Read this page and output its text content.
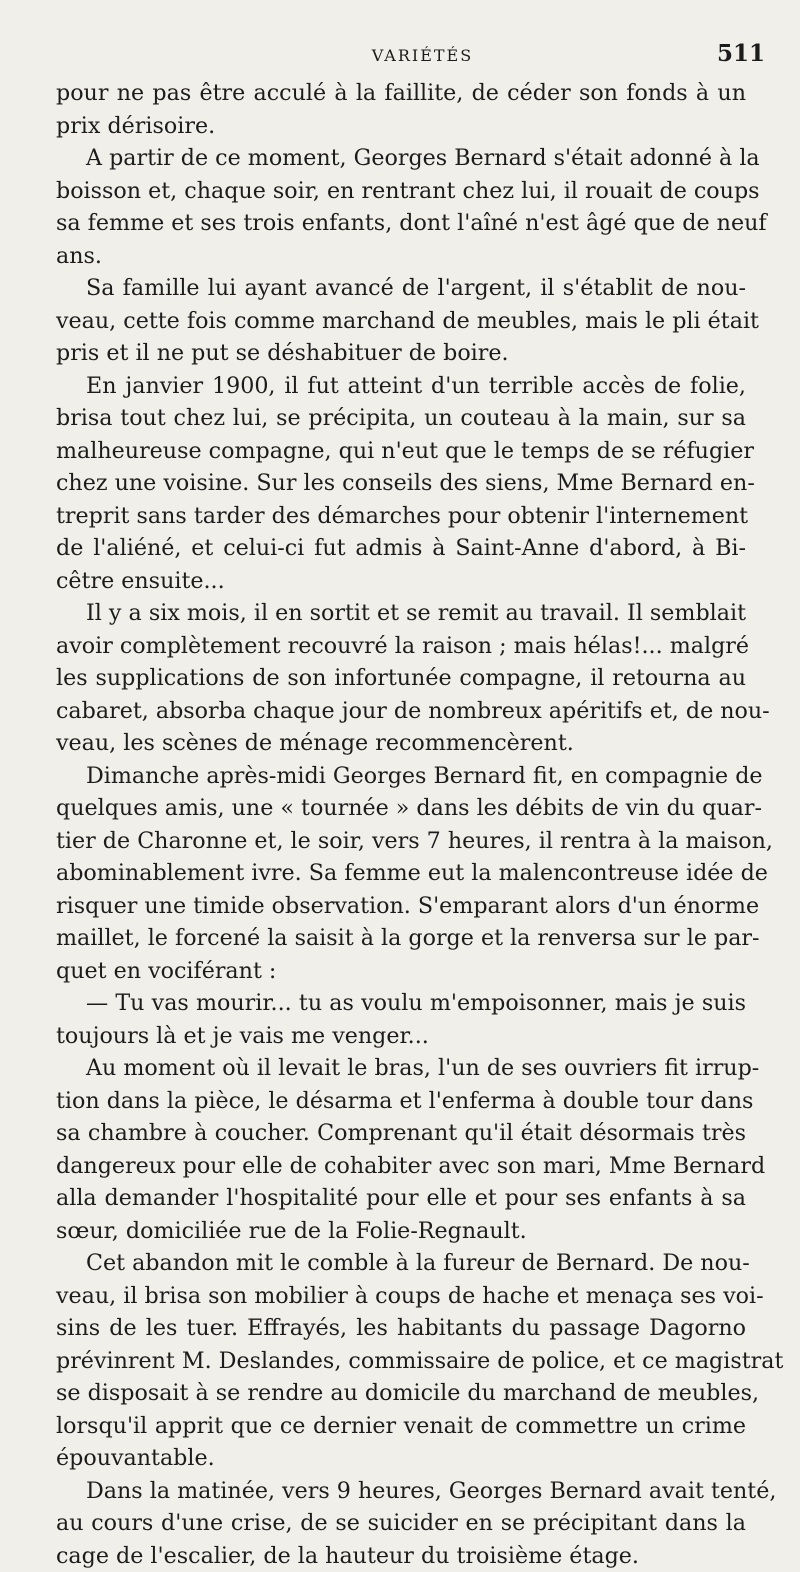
VARIÉTÉS	511
pour ne pas être acculé à la faillite, de céder son fonds à un
prix dérisoire.
A partir de ce moment, Georges Bernard s'était adonné à la
boisson et, chaque soir, en rentrant chez lui, il rouait de coups
sa femme et ses trois enfants, dont l'aîné n'est âgé que de neuf
ans.
Sa famille lui ayant avancé de l'argent, il s'établit de nou-
veau, cette fois comme marchand de meubles, mais le pli était
pris et il ne put se déshabituer de boire.
En janvier 1900, il fut atteint d'un terrible accès de folie,
brisa tout chez lui, se précipita, un couteau à la main, sur sa
malheureuse compagne, qui n'eut que le temps de se réfugier
chez une voisine. Sur les conseils des siens, Mme Bernard en-
treprit sans tarder des démarches pour obtenir l'internement
de l'aliéné, et celui-ci fut admis à Saint-Anne d'abord, à Bi-
cêtre ensuite...
Il y a six mois, il en sortit et se remit au travail. Il semblait
avoir complètement recouvré la raison ; mais hélas!... malgré
les supplications de son infortunée compagne, il retourna au
cabaret, absorba chaque jour de nombreux apéritifs et, de nou-
veau, les scènes de ménage recommencèrent.
Dimanche après-midi Georges Bernard fit, en compagnie de
quelques amis, une « tournée » dans les débits de vin du quar-
tier de Charonne et, le soir, vers 7 heures, il rentra à la maison,
abominablement ivre. Sa femme eut la malencontreuse idée de
risquer une timide observation. S'emparant alors d'un énorme
maillet, le forcené la saisit à la gorge et la renversa sur le par-
quet en vociférant :
— Tu vas mourir... tu as voulu m'empoisonner, mais je suis
toujours là et je vais me venger...
Au moment où il levait le bras, l'un de ses ouvriers fit irrup-
tion dans la pièce, le désarma et l'enferma à double tour dans
sa chambre à coucher. Comprenant qu'il était désormais très
dangereux pour elle de cohabiter avec son mari, Mme Bernard
alla demander l'hospitalité pour elle et pour ses enfants à sa
sœur, domiciliée rue de la Folie-Regnault.
Cet abandon mit le comble à la fureur de Bernard. De nou-
veau, il brisa son mobilier à coups de hache et menaça ses voi-
sins de les tuer. Effrayés, les habitants du passage Dagorno
prévinrent M. Deslandes, commissaire de police, et ce magistrat
se disposait à se rendre au domicile du marchand de meubles,
lorsqu'il apprit que ce dernier venait de commettre un crime
épouvantable.
Dans la matinée, vers 9 heures, Georges Bernard avait tenté,
au cours d'une crise, de se suicider en se précipitant dans la
cage de l'escalier, de la hauteur du troisième étage.
